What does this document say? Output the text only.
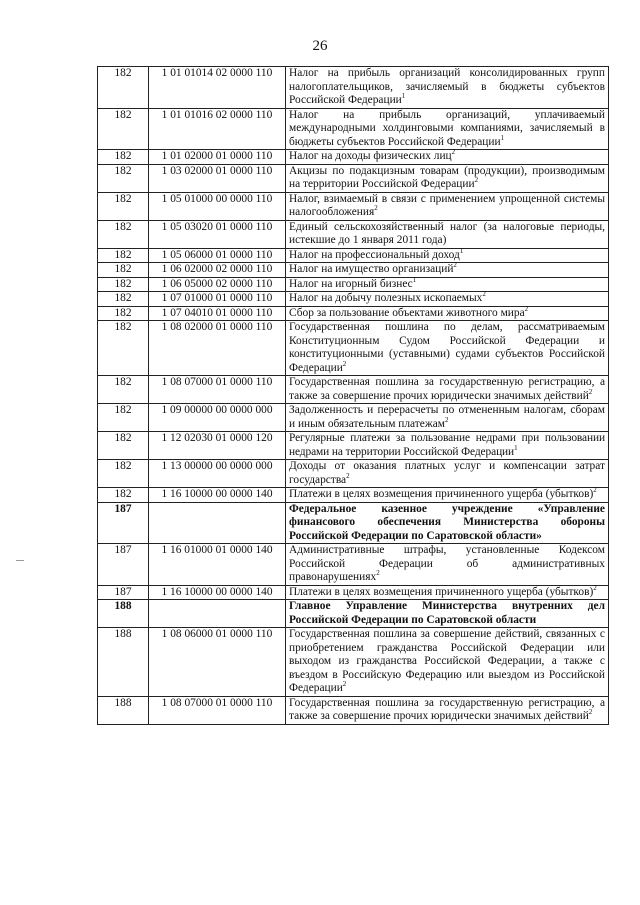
26
182	1 01 01014 02 0000 110	Налог на прибыль организаций консолидированных групп налогоплательщиков, зачисляемый в бюджеты субъектов Российской Федерации$^1$
182	1 01 01016 02 0000 110	Налог на прибыль организаций, уплачиваемый международными холдинговыми компаниями, зачисляемый в бюджеты субъектов Российской Федерации$^1$
182	1 01 02000 01 0000 110	Налог на доходы физических лиц$^2$
182	1 03 02000 01 0000 110	Акцизы по подакцизным товарам (продукции), производимым на территории Российской Федерации$^2$
182	1 05 01000 00 0000 110	Налог, взимаемый в связи с применением упрощенной системы налогообложения$^2$
182	1 05 03020 01 0000 110	Единый сельскохозяйственный налог (за налоговые периоды, истекшие до 1 января 2011 года)
182	1 05 06000 01 0000 110	Налог на профессиональный доход$^1$
182	1 06 02000 02 0000 110	Налог на имущество организаций$^2$
182	1 06 05000 02 0000 110	Налог на игорный бизнес$^1$
182	1 07 01000 01 0000 110	Налог на добычу полезных ископаемых$^2$
182	1 07 04010 01 0000 110	Сбор за пользование объектами животного мира$^2$
182	1 08 02000 01 0000 110	Государственная пошлина по делам, рассматриваемым Конституционным Судом Российской Федерации и конституционными (уставными) судами субъектов Российской Федерации$^2$
182	1 08 07000 01 0000 110	Государственная пошлина за государственную регистрацию, а также за совершение прочих юридически значимых действий$^2$
182	1 09 00000 00 0000 000	Задолженность и перерасчеты по отмененным налогам, сборам и иным обязательным платежам$^2$
182	1 12 02030 01 0000 120	Регулярные платежи за пользование недрами при пользовании недрами на территории Российской Федерации$^1$
182	1 13 00000 00 0000 000	Доходы от оказания платных услуг и компенсации затрат государства$^2$
182	1 16 10000 00 0000 140	Платежи в целях возмещения причиненного ущерба (убытков)$^2$
187		Федеральное казенное учреждение «Управление финансового обеспечения Министерства обороны Российской Федерации по Саратовской области»
187	1 16 01000 01 0000 140	Административные штрафы, установленные Кодексом Российской Федерации об административных правонарушениях$^2$
187	1 16 10000 00 0000 140	Платежи в целях возмещения причиненного ущерба (убытков)$^2$
188		Главное Управление Министерства внутренних дел Российской Федерации по Саратовской области
188	1 08 06000 01 0000 110	Государственная пошлина за совершение действий, связанных с приобретением гражданства Российской Федерации или выходом из гражданства Российской Федерации, а также с въездом в Российскую Федерацию или выездом из Российской Федерации$^2$
188	1 08 07000 01 0000 110	Государственная пошлина за государственную регистрацию, а также за совершение прочих юридически значимых действий$^2$
